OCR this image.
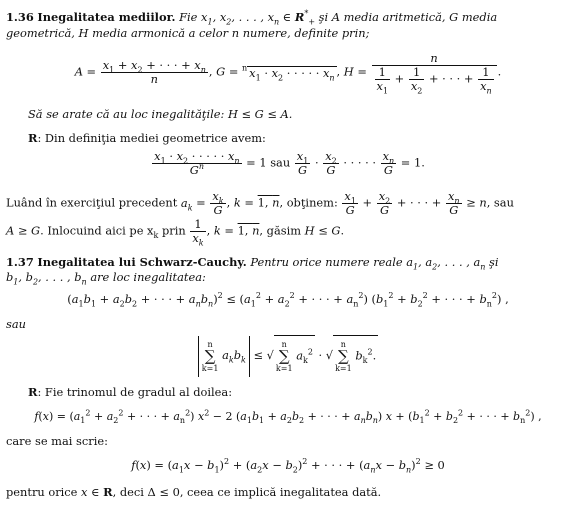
1.36 Inegalitatea mediilor. Fie $x_1$, $x_2$, . . . , $x_n$ ∈ $R^*_+$ şi A media aritmetică, G media
geometrică, H media armonică a celor n numere, definite prin;
$A = \frac{x_1 + x_2 + \cdot \cdot \cdot + x_n}{n}$ , G = $^n$ $x_1 \cdot x_2$ · · · · · $x_n$ , $H = \frac{n}{\frac{1}{x_1} + \frac{1}{x_2} + \cdot \cdot \cdot + \frac{1}{x_n}}$ .
Să se arate că au loc inegalităţile: H ≤ G ≤ A.
R: Din definiţia mediei geometrice avem:
$\frac{x_1 \cdot x_2 \cdot \cdot \cdot \cdot \cdot x_n}{G^n} = 1$ sau $\frac{x_1}{G} \cdot \frac{x_2}{G}$ · · · · · $\frac{x_n}{G} = 1$.
Luând în exerciţiul precedent $a_k = \frac{x_k}{G}$ , k = 1, n, obţinem: $\frac{x_1}{G} + \frac{x_2}{G}$ + · · · + $\frac{x_n}{G} \ge n$, sau
A ≥ G. Inlocuind aici pe $x_k$ prin $\frac{1}{x_k}$ , k = 1, n, găsim H ≤ G.
1.37 Inegalitatea lui Schwarz-Cauchy. Pentru orice numere reale $a_1$, $a_2$, . . . , $a_n$ şi
$b_1$, $b_2$, . . . , $b_n$ are loc inegalitatea:
($a_1b_1 + a_2b_2$ + · · · + $a_nb_n)^2 \le (a_1^2 + a_2^2$ + · · · + $a_n^2$) ($b_1^2 + b_2^2$ + · · · + $b_n^2$) ,
sau
n
∑
k=1 $a_kb_k \le √n$
∑
k=1 $a_k^2 \cdot √n$
∑
k=1 $b_k^2$.
R: Fie trinomul de gradul al doilea:
$f(x) = (a_1^2 + a_2^2$ + · · · + $a_n^2$) $x^2 - 2$ ($a_1b_1 + a_2b_2$ + · · · + $a_nb_n$) $x + (b_1^2 + b_2^2$ + · · · + $b_n^2$) ,
care se mai scrie:
$f(x) = (a_1x - b_1)^2 + (a_2x - b_2)^2$ + · · · + $(a_nx - b_n)^2 \ge 0$
pentru orice x ∈ R, deci Δ ≤ 0, ceea ce implică inegalitatea dată.
